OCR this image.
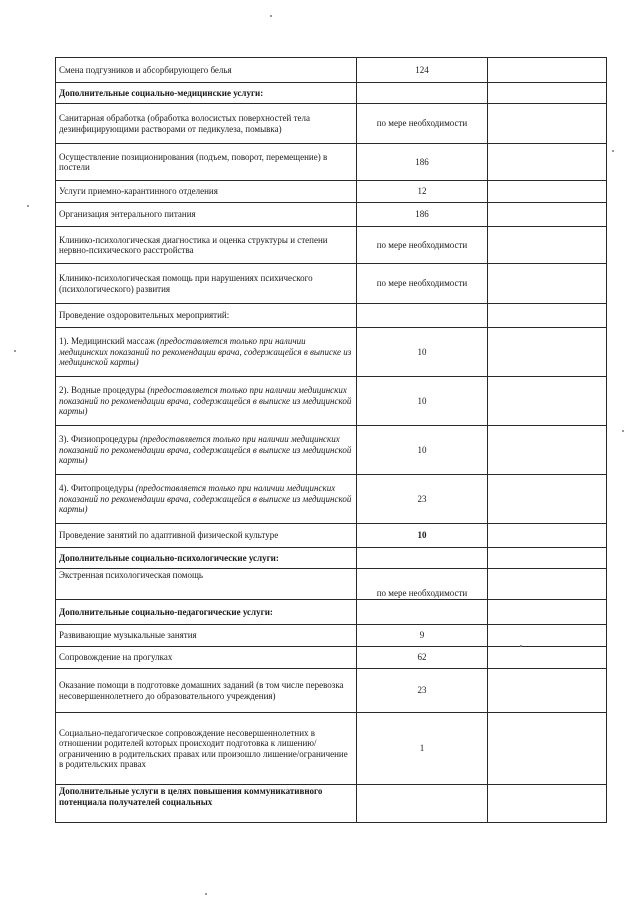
Смена подгузников и абсорбирующего белья	124	
Дополнительные социально-медицинские услуги:		
Санитарная обработка (обработка волосистых поверхностей тела дезинфицирующими растворами от педикулеза, помывка)	по мере необходимости	
Осуществление позиционирования (подъем, поворот, перемещение) в постели	186	
Услуги приемно-карантинного отделения	12	
Организация энтерального питания	186	
Клинико-психологическая диагностика и оценка структуры и степени нервно-психического расстройства	по мере необходимости	
Клинико-психологическая помощь при нарушениях психического (психологического) развития	по мере необходимости	
Проведение оздоровительных мероприятий:		
1). Медицинский массаж (предоставляется только при наличии медицинских показаний по рекомендации врача, содержащейся в выписке из медицинской карты)	10	
2). Водные процедуры (предоставляется только при наличии медицинских показаний по рекомендации врача, содержащейся в выписке из медицинской карты)	10	
3). Физиопроцедуры (предоставляется только при наличии медицинских показаний по рекомендации врача, содержащейся в выписке из медицинской карты)	10	
4). Фитопроцедуры (предоставляется только при наличии медицинских показаний по рекомендации врача, содержащейся в выписке из медицинской карты)	23	
Проведение занятий по адаптивной физической культуре	10	
Дополнительные социально-психологические услуги:		
Экстренная психологическая помощь	по мере необходимости	
Дополнительные социально-педагогические услуги:		
Развивающие музыкальные занятия	9	
Сопровождение на прогулках	62	
Оказание помощи в подготовке домашних заданий (в том числе перевозка несовершеннолетнего до образовательного учреждения)	23	
Социально-педагогическое сопровождение несовершеннолетних в отношении родителей которых происходит подготовка к лишению/ограничению в родительских правах или произошло лишение/ограничение в родительских правах	1	
Дополнительные услуги в целях повышения коммуникативного потенциала получателей социальных		
